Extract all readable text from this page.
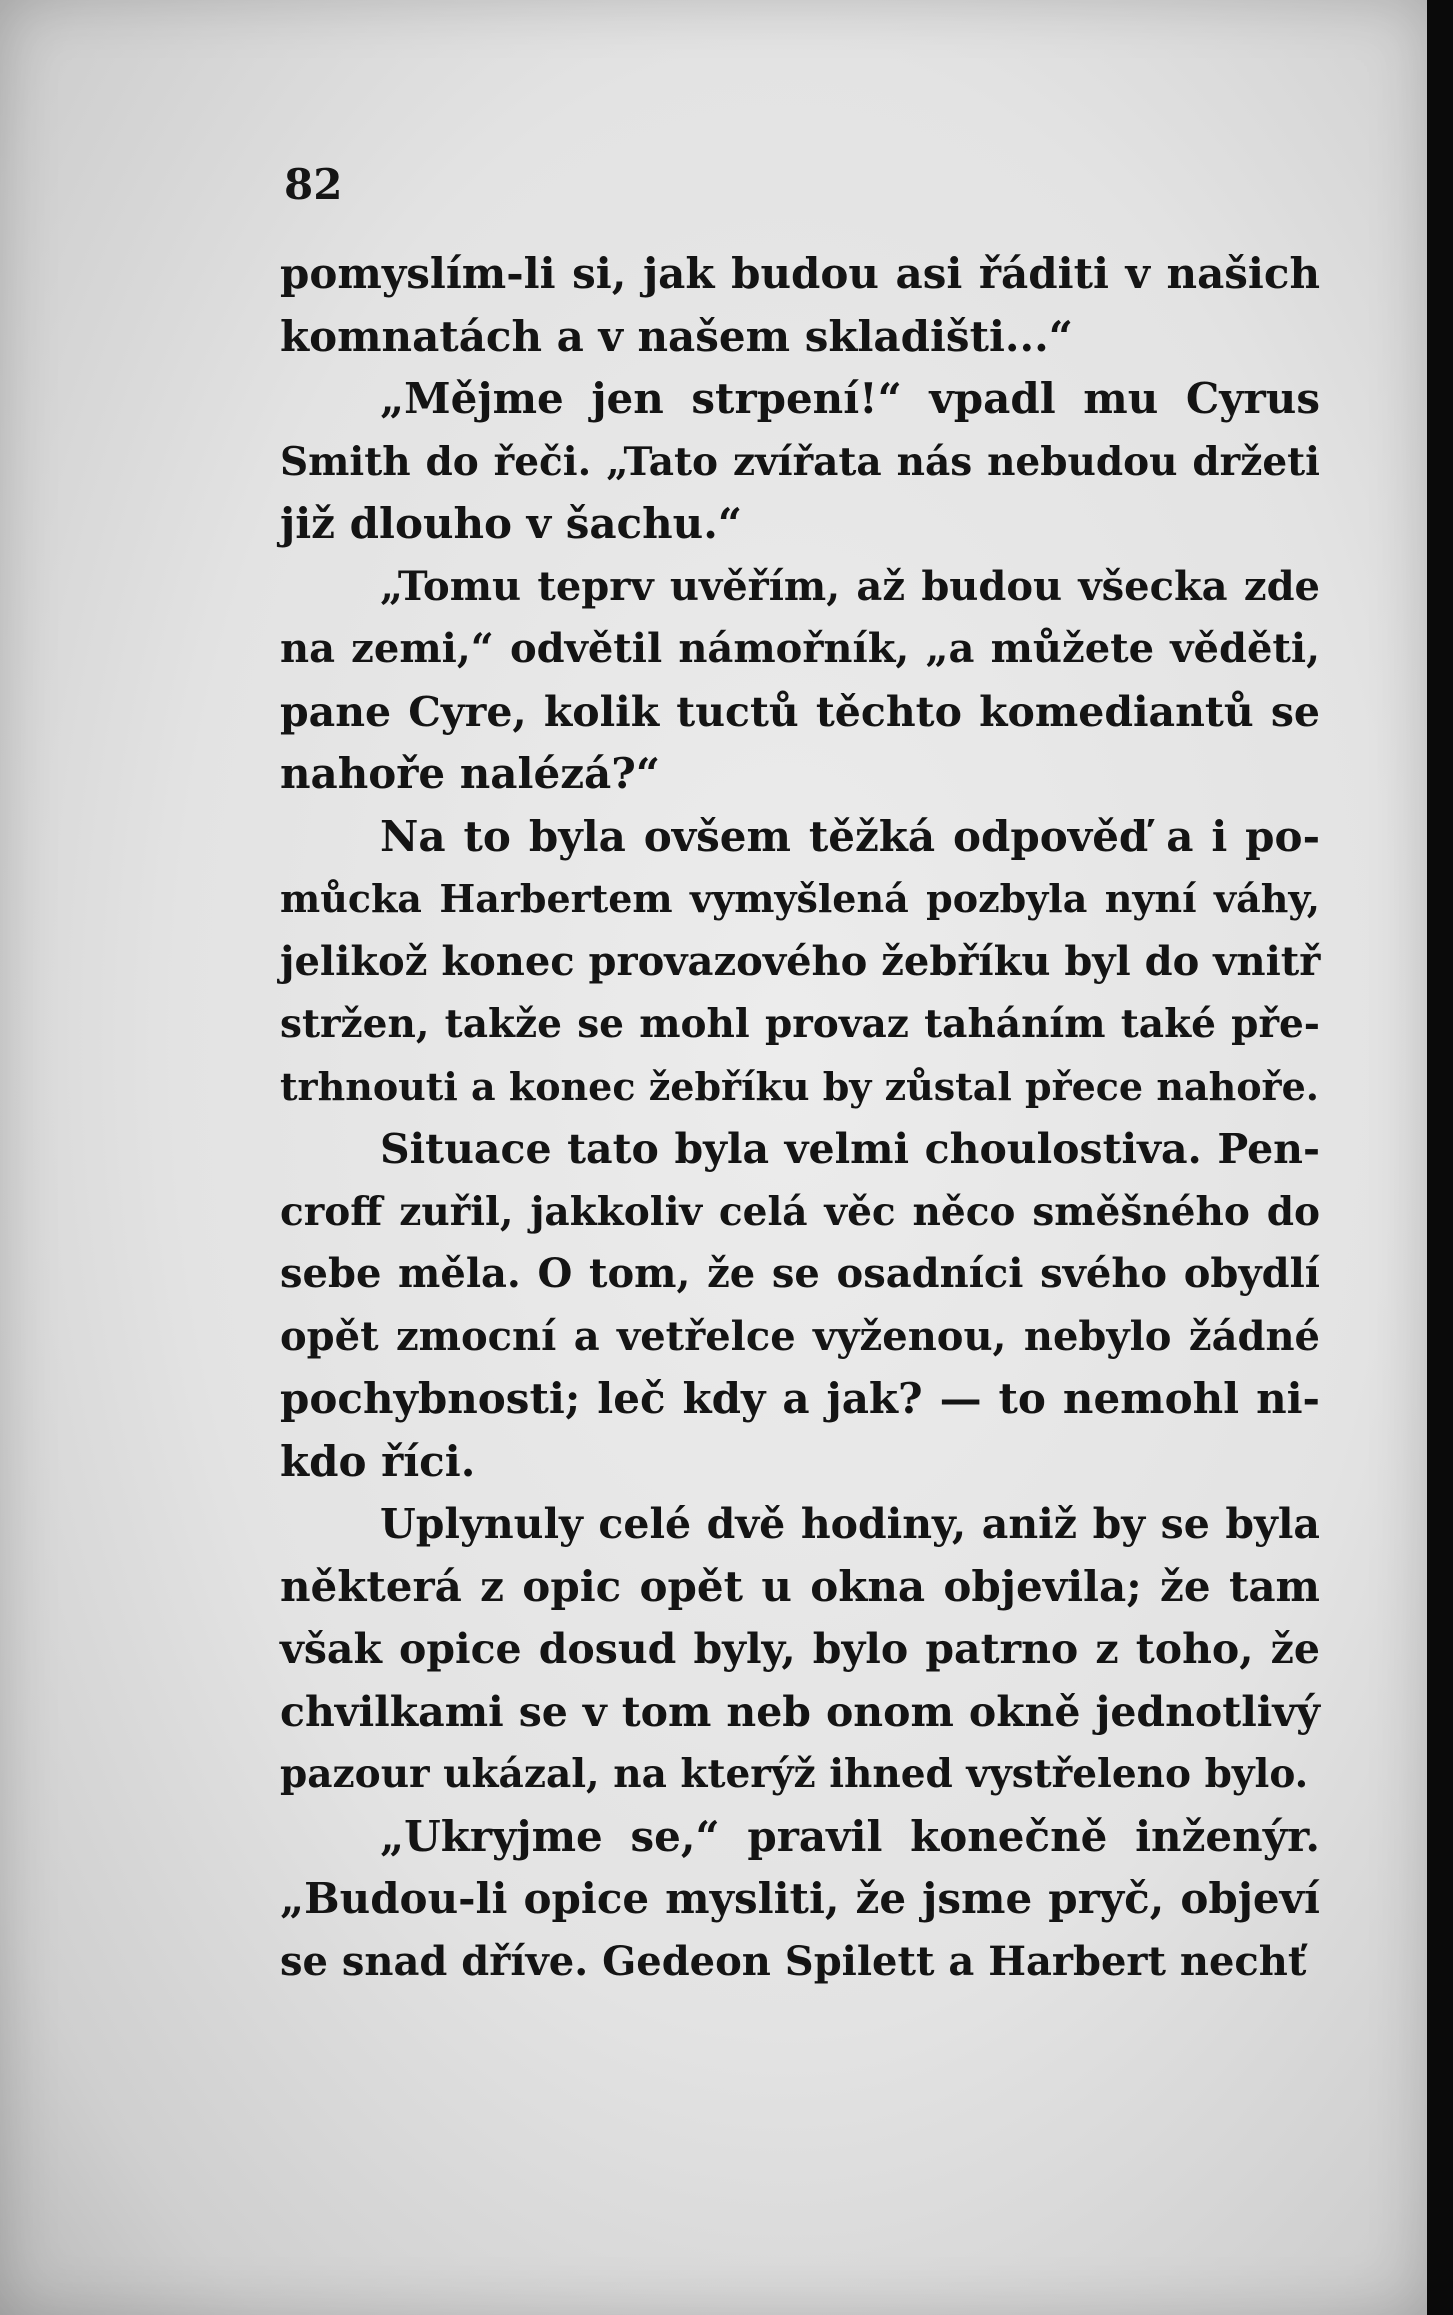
82
pomyslím-li si, jak budou asi řáditi v našich
komnatách a v našem skladišti...“
„Mějme jen strpení!“ vpadl mu Cyrus
Smith do řeči. „Tato zvířata nás nebudou držeti
již dlouho v šachu.“
„Tomu teprv uvěřím, až budou všecka zde
na zemi,“ odvětil námořník, „a můžete věděti,
pane Cyre, kolik tuctů těchto komediantů se
nahoře nalézá?“
Na to byla ovšem těžká odpověď a i po-
můcka Harbertem vymyšlená pozbyla nyní váhy,
jelikož konec provazového žebříku byl do vnitř
stržen, takže se mohl provaz taháním také pře-
trhnouti a konec žebříku by zůstal přece nahoře.
Situace tato byla velmi choulostiva. Pen-
croff zuřil, jakkoliv celá věc něco směšného do
sebe měla. O tom, že se osadníci svého obydlí
opět zmocní a vetřelce vyženou, nebylo žádné
pochybnosti; leč kdy a jak? — to nemohl ni-
kdo říci.
Uplynuly celé dvě hodiny, aniž by se byla
některá z opic opět u okna objevila; že tam
však opice dosud byly, bylo patrno z toho, že
chvilkami se v tom neb onom okně jednotlivý
pazour ukázal, na kterýž ihned vystřeleno bylo.
„Ukryjme se,“ pravil konečně inženýr.
„Budou-li opice mysliti, že jsme pryč, objeví
se snad dříve. Gedeon Spilett a Harbert nechť
